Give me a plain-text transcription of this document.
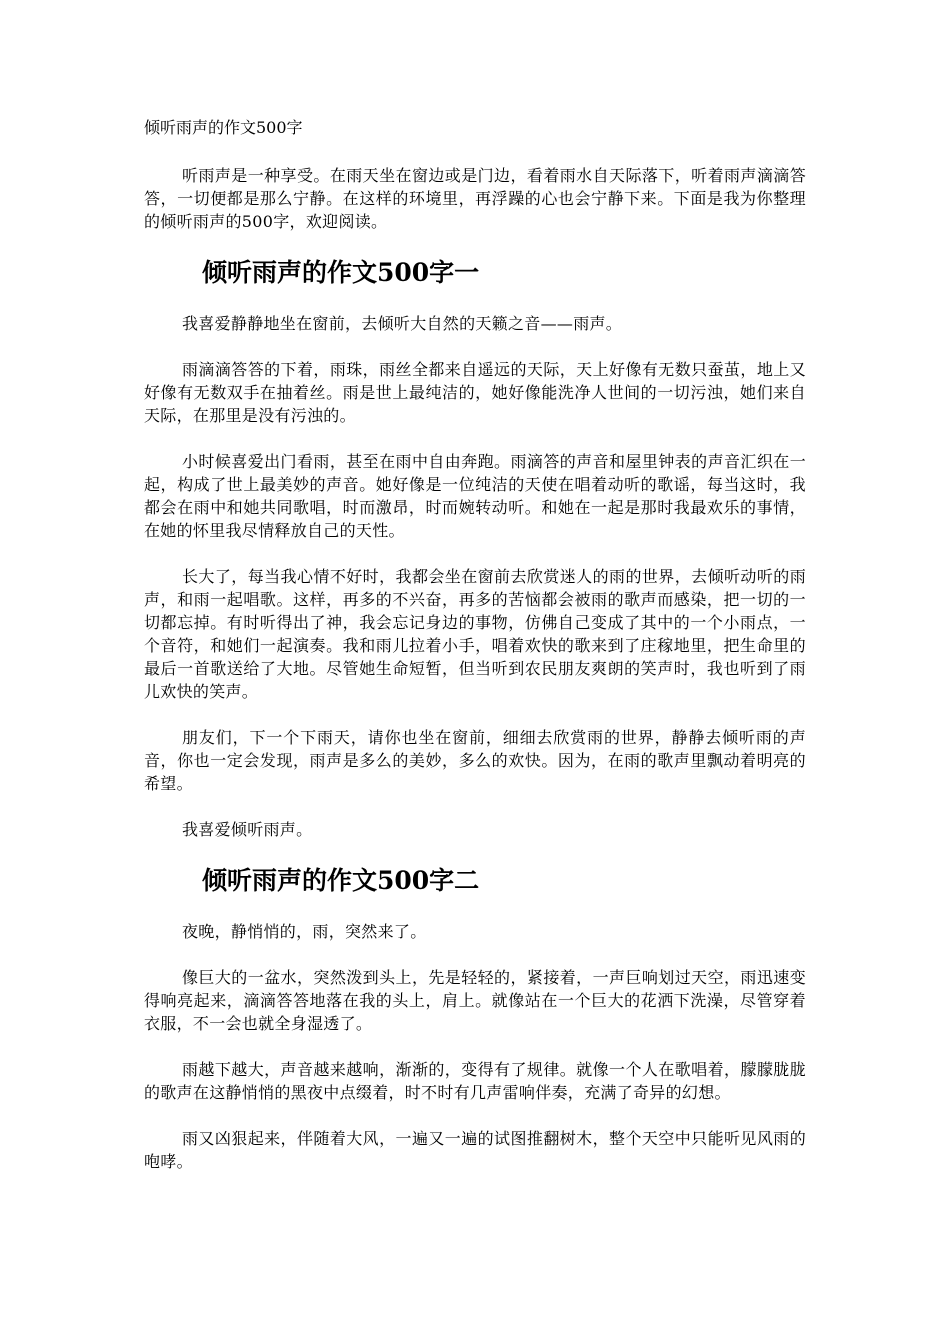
倾听雨声的作文500字

听雨声是一种享受。在雨天坐在窗边或是门边，看着雨水自天际落下，听着雨声滴滴答答，一切便都是那么宁静。在这样的环境里，再浮躁的心也会宁静下来。下面是我为你整理的倾听雨声的500字，欢迎阅读。

倾听雨声的作文500字一

我喜爱静静地坐在窗前，去倾听大自然的天籁之音——雨声。

雨滴滴答答的下着，雨珠，雨丝全都来自遥远的天际，天上好像有无数只蚕茧，地上又好像有无数双手在抽着丝。雨是世上最纯洁的，她好像能洗净人世间的一切污浊，她们来自天际，在那里是没有污浊的。

小时候喜爱出门看雨，甚至在雨中自由奔跑。雨滴答的声音和屋里钟表的声音汇织在一起，构成了世上最美妙的声音。她好像是一位纯洁的天使在唱着动听的歌谣，每当这时，我都会在雨中和她共同歌唱，时而激昂，时而婉转动听。和她在一起是那时我最欢乐的事情，在她的怀里我尽情释放自己的天性。

长大了，每当我心情不好时，我都会坐在窗前去欣赏迷人的雨的世界，去倾听动听的雨声，和雨一起唱歌。这样，再多的不兴奋，再多的苦恼都会被雨的歌声而感染，把一切的一切都忘掉。有时听得出了神，我会忘记身边的事物，仿佛自己变成了其中的一个小雨点，一个音符，和她们一起演奏。我和雨儿拉着小手，唱着欢快的歌来到了庄稼地里，把生命里的最后一首歌送给了大地。尽管她生命短暂，但当听到农民朋友爽朗的笑声时，我也听到了雨儿欢快的笑声。

朋友们，下一个下雨天，请你也坐在窗前，细细去欣赏雨的世界，静静去倾听雨的声音，你也一定会发现，雨声是多么的美妙，多么的欢快。因为，在雨的歌声里飘动着明亮的希望。

我喜爱倾听雨声。

倾听雨声的作文500字二

夜晚，静悄悄的，雨，突然来了。

像巨大的一盆水，突然泼到头上，先是轻轻的，紧接着，一声巨响划过天空，雨迅速变得响亮起来，滴滴答答地落在我的头上，肩上。就像站在一个巨大的花洒下洗澡，尽管穿着衣服，不一会也就全身湿透了。

雨越下越大，声音越来越响，渐渐的，变得有了规律。就像一个人在歌唱着，朦朦胧胧的歌声在这静悄悄的黑夜中点缀着，时不时有几声雷响伴奏，充满了奇异的幻想。

雨又凶狠起来，伴随着大风，一遍又一遍的试图推翻树木，整个天空中只能听见风雨的咆哮。
